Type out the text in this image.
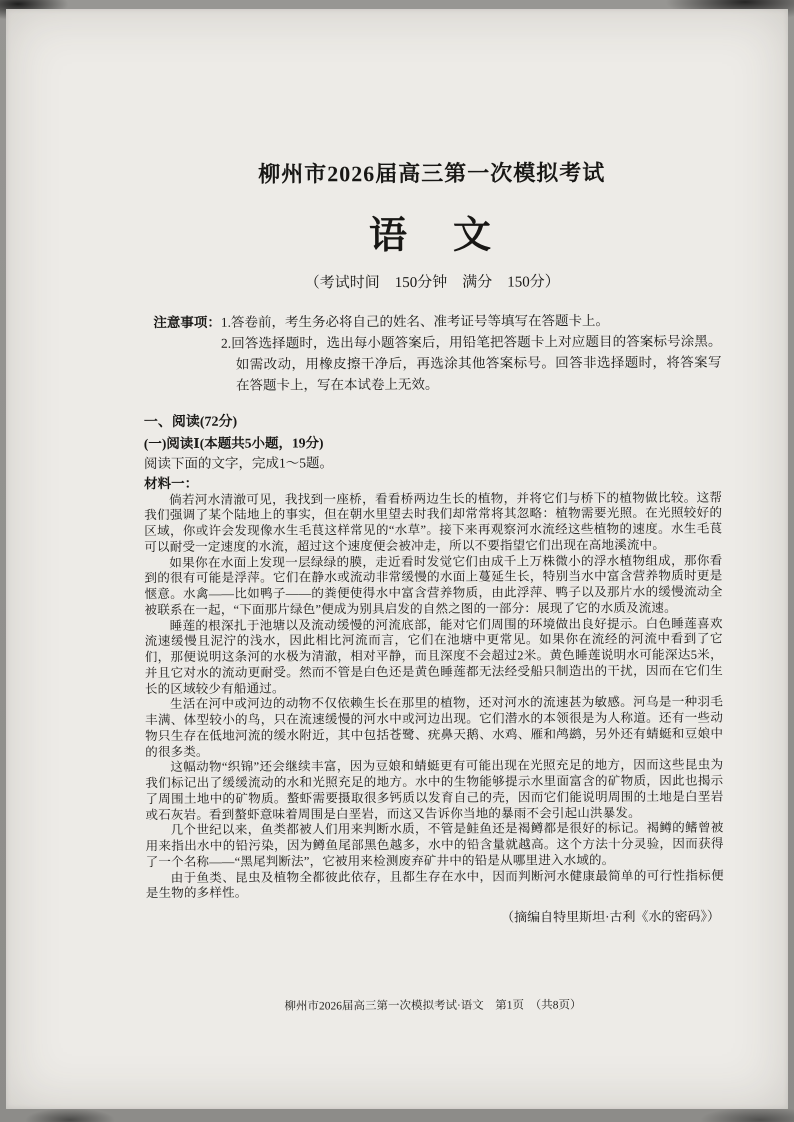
柳州市2026届高三第一次模拟考试
语　文
（考试时间　150分钟　满分　150分）
注意事项： 1.答卷前，考生务必将自己的姓名、准考证号等填写在答题卡上。
2.回答选择题时，选出每小题答案后，用铅笔把答题卡上对应题目的答案标号涂黑。如需改动，用橡皮擦干净后，再选涂其他答案标号。回答非选择题时，将答案写在答题卡上，写在本试卷上无效。
一、阅读(72分)
(一)阅读Ⅰ(本题共5小题，19分)
阅读下面的文字，完成1～5题。
材料一：

倘若河水清澈可见，我找到一座桥，看看桥两边生长的植物，并将它们与桥下的植物做比较。这帮我们强调了某个陆地上的事实，但在朝水里望去时我们却常常将其忽略：植物需要光照。在光照较好的区域，你或许会发现像水生毛茛这样常见的“水草”。接下来再观察河水流经这些植物的速度。水生毛茛可以耐受一定速度的水流，超过这个速度便会被冲走，所以不要指望它们出现在高地溪流中。

如果你在水面上发现一层绿绿的膜，走近看时发觉它们由成千上万株微小的浮水植物组成，那你看到的很有可能是浮萍。它们在静水或流动非常缓慢的水面上蔓延生长，特别当水中富含营养物质时更是惬意。水禽——比如鸭子——的粪便使得水中富含营养物质，由此浮萍、鸭子以及那片水的缓慢流动全被联系在一起，“下面那片绿色”便成为别具启发的自然之图的一部分：展现了它的水质及流速。

睡莲的根深扎于池塘以及流动缓慢的河流底部，能对它们周围的环境做出良好提示。白色睡莲喜欢流速缓慢且泥泞的浅水，因此相比河流而言，它们在池塘中更常见。如果你在流经的河流中看到了它们，那便说明这条河的水极为清澈，相对平静，而且深度不会超过2米。黄色睡莲说明水可能深达5米，并且它对水的流动更耐受。然而不管是白色还是黄色睡莲都无法经受船只制造出的干扰，因而在它们生长的区域较少有船通过。

生活在河中或河边的动物不仅依赖生长在那里的植物，还对河水的流速甚为敏感。河乌是一种羽毛丰满、体型较小的鸟，只在流速缓慢的河水中或河边出现。它们潜水的本领很是为人称道。还有一些动物只生存在低地河流的缓水附近，其中包括苍鹭、疣鼻天鹅、水鸡、雁和鸬鹚，另外还有蜻蜓和豆娘中的很多类。

这幅动物“织锦”还会继续丰富，因为豆娘和蜻蜓更有可能出现在光照充足的地方，因而这些昆虫为我们标记出了缓缓流动的水和光照充足的地方。水中的生物能够提示水里面富含的矿物质，因此也揭示了周围土地中的矿物质。螯虾需要摄取很多钙质以发育自己的壳，因而它们能说明周围的土地是白垩岩或石灰岩。看到螯虾意味着周围是白垩岩，而这又告诉你当地的暴雨不会引起山洪暴发。

几个世纪以来，鱼类都被人们用来判断水质，不管是鲑鱼还是褐鳟都是很好的标记。褐鳟的鳍曾被用来指出水中的铅污染，因为鳟鱼尾部黑色越多，水中的铅含量就越高。这个方法十分灵验，因而获得了一个名称——“黑尾判断法”，它被用来检测废弃矿井中的铅是从哪里进入水域的。

由于鱼类、昆虫及植物全都彼此依存，且都生存在水中，因而判断河水健康最简单的可行性指标便是生物的多样性。

（摘编自特里斯坦·古利《水的密码》）
柳州市2026届高三第一次模拟考试·语文　第1页　（共8页）
